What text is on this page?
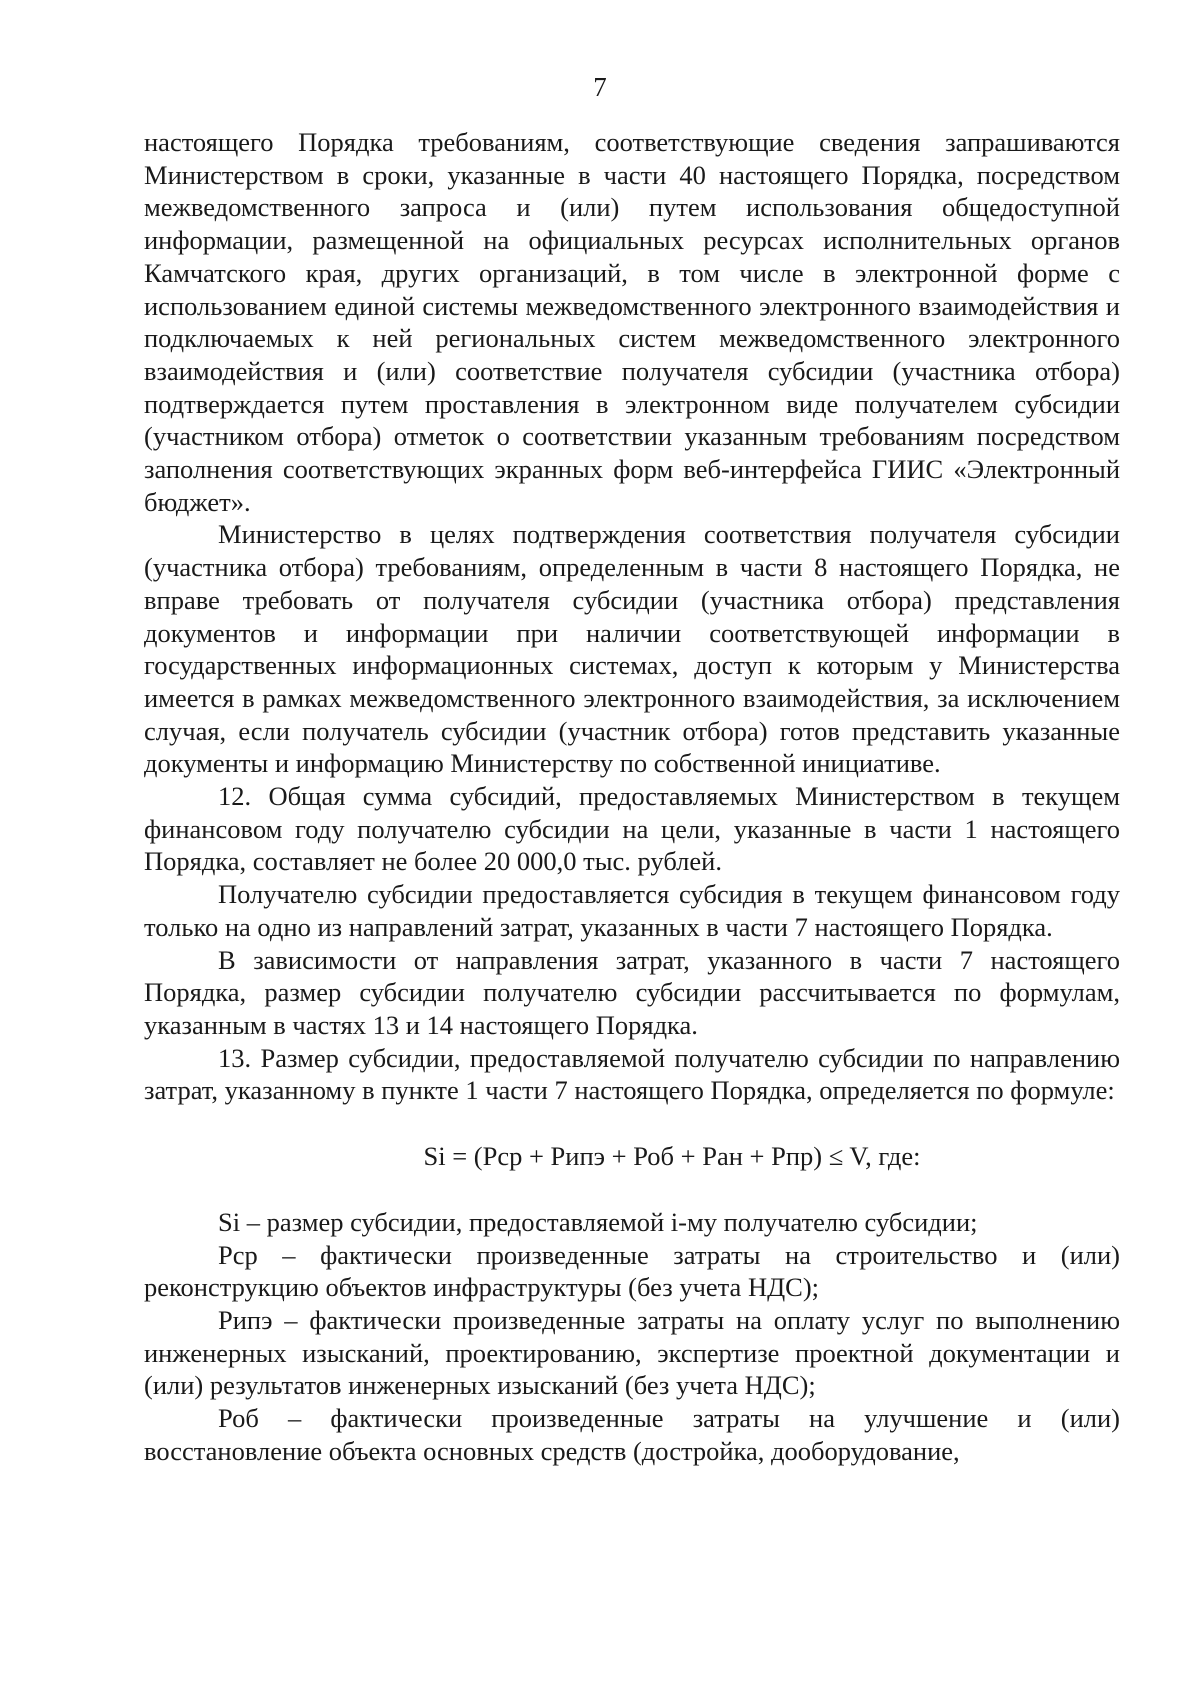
7

настоящего Порядка требованиям, соответствующие сведения запрашиваются Министерством в сроки, указанные в части 40 настоящего Порядка, посредством межведомственного запроса и (или) путем использования общедоступной информации, размещенной на официальных ресурсах исполнительных органов Камчатского края, других организаций, в том числе в электронной форме с использованием единой системы межведомственного электронного взаимодействия и подключаемых к ней региональных систем межведомственного электронного взаимодействия и (или) соответствие получателя субсидии (участника отбора) подтверждается путем проставления в электронном виде получателем субсидии (участником отбора) отметок о соответствии указанным требованиям посредством заполнения соответствующих экранных форм веб-интерфейса ГИИС «Электронный бюджет».

Министерство в целях подтверждения соответствия получателя субсидии (участника отбора) требованиям, определенным в части 8 настоящего Порядка, не вправе требовать от получателя субсидии (участника отбора) представления документов и информации при наличии соответствующей информации в государственных информационных системах, доступ к которым у Министерства имеется в рамках межведомственного электронного взаимодействия, за исключением случая, если получатель субсидии (участник отбора) готов представить указанные документы и информацию Министерству по собственной инициативе.

12. Общая сумма субсидий, предоставляемых Министерством в текущем финансовом году получателю субсидии на цели, указанные в части 1 настоящего Порядка, составляет не более 20 000,0 тыс. рублей.

Получателю субсидии предоставляется субсидия в текущем финансовом году только на одно из направлений затрат, указанных в части 7 настоящего Порядка.

В зависимости от направления затрат, указанного в части 7 настоящего Порядка, размер субсидии получателю субсидии рассчитывается по формулам, указанным в частях 13 и 14 настоящего Порядка.

13. Размер субсидии, предоставляемой получателю субсидии по направлению затрат, указанному в пункте 1 части 7 настоящего Порядка, определяется по формуле:

Si = (Рср + Рипэ + Роб + Ран + Рпр) ≤ V, где:

Si – размер субсидии, предоставляемой i-му получателю субсидии;

Рср – фактически произведенные затраты на строительство и (или) реконструкцию объектов инфраструктуры (без учета НДС);

Рипэ – фактически произведенные затраты на оплату услуг по выполнению инженерных изысканий, проектированию, экспертизе проектной документации и (или) результатов инженерных изысканий (без учета НДС);

Роб – фактически произведенные затраты на улучшение и (или) восстановление объекта основных средств (достройка, дооборудование,
